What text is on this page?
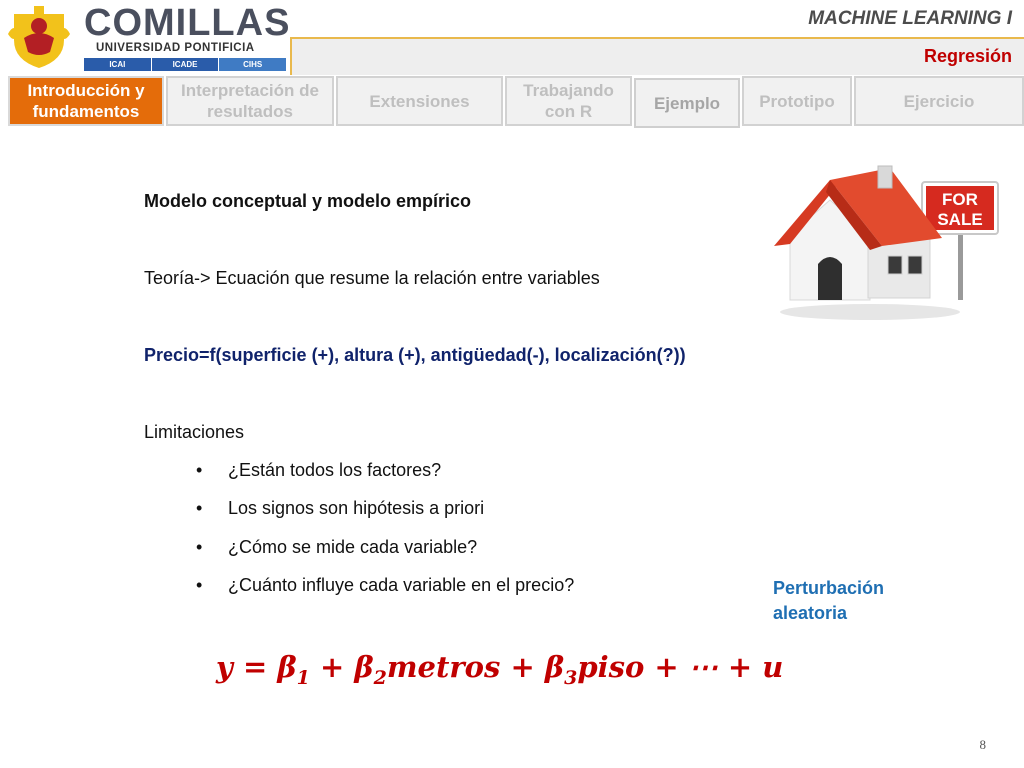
COMILLAS
UNIVERSIDAD PONTIFICIA
ICAI	ICADE	CIHS
MACHINE LEARNING I
Regresión
Introducción y fundamentos
Interpretación de resultados
Extensiones
Trabajando con R	Ejemplo	Prototipo	Ejercicio
Modelo conceptual y modelo empírico
Teoría-> Ecuación que resume la relación entre variables
Precio=f(superficie (+), altura (+), antigüedad(-), localización(?))
Limitaciones
• ¿Están todos los factores?
• Los signos son hipótesis a priori
• ¿Cómo se mide cada variable?
• ¿Cuánto influye cada variable en el precio?	Perturbación aleatoria
$y = \beta_1$ + $\beta_2metros$ + $\beta_3piso$ + ⋯ + u
FOR
SALE
8
